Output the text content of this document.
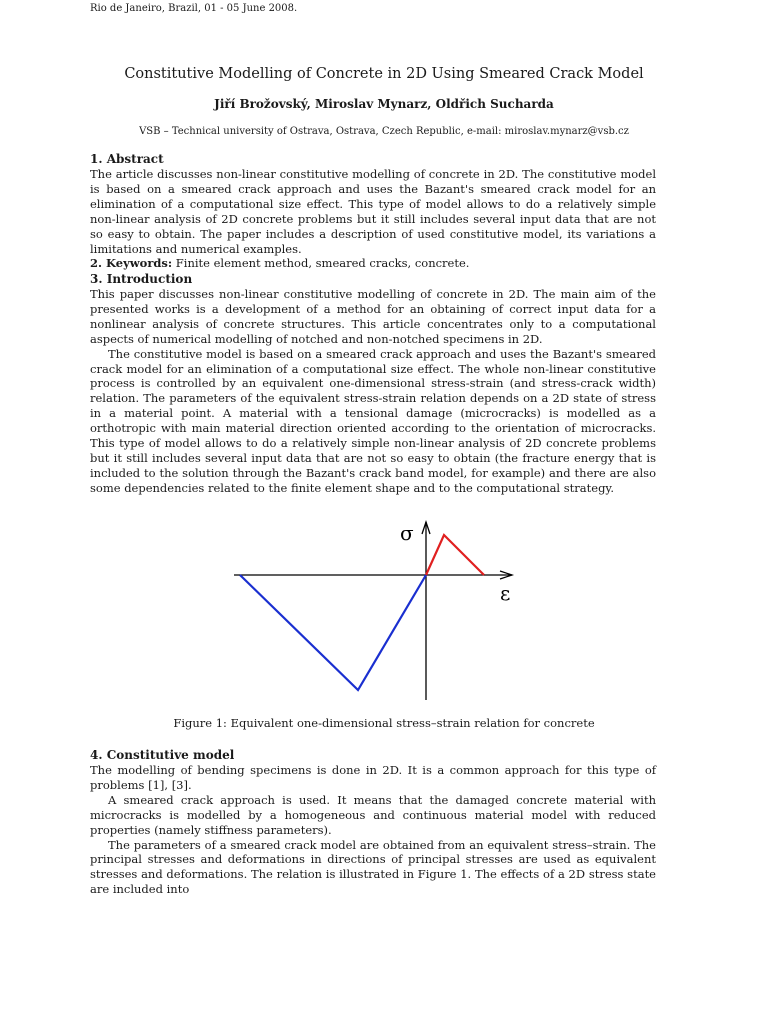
Rio de Janeiro, Brazil, 01 - 05 June 2008.
Constitutive Modelling of Concrete in 2D Using Smeared Crack Model
Jiří Brožovský, Miroslav Mynarz, Oldřich Sucharda
VSB – Technical university of Ostrava, Ostrava, Czech Republic, e-mail: miroslav.mynarz@vsb.cz
1. Abstract

The article discusses non-linear constitutive modelling of concrete in 2D. The constitutive model is based on a smeared crack approach and uses the Bazant's smeared crack model for an elimination of a computational size effect. This type of model allows to do a relatively simple non-linear analysis of 2D concrete problems but it still includes several input data that are not so easy to obtain. The paper includes a description of used constitutive model, its variations a limitations and numerical examples.

2. Keywords: Finite element method, smeared cracks, concrete.

3. Introduction

This paper discusses non-linear constitutive modelling of concrete in 2D. The main aim of the presented works is a development of a method for an obtaining of correct input data for a nonlinear analysis of concrete structures. This article concentrates only to a computational aspects of numerical modelling of notched and non-notched specimens in 2D.

The constitutive model is based on a smeared crack approach and uses the Bazant's smeared crack model for an elimination of a computational size effect. The whole non-linear constitutive process is controlled by an equivalent one-dimensional stress-strain (and stress-crack width) relation. The parameters of the equivalent stress-strain relation depends on a 2D state of stress in a material point. A material with a tensional damage (microcracks) is modelled as a orthotropic with main material direction oriented according to the orientation of microcracks. This type of model allows to do a relatively simple non-linear analysis of 2D concrete problems but it still includes several input data that are not so easy to obtain (the fracture energy that is included to the solution through the Bazant's crack band model, for example) and there are also some dependencies related to the finite element shape and to the computational strategy.

σ
ε
Figure 1: Equivalent one-dimensional stress–strain relation for concrete
4. Constitutive model

The modelling of bending specimens is done in 2D. It is a common approach for this type of problems [1], [3].

A smeared crack approach is used. It means that the damaged concrete material with microcracks is modelled by a homogeneous and continuous material model with reduced properties (namely stiffness parameters).

The parameters of a smeared crack model are obtained from an equivalent stress–strain. The principal stresses and deformations in directions of principal stresses are used as equivalent stresses and deformations. The relation is illustrated in Figure 1. The effects of a 2D stress state are included into
